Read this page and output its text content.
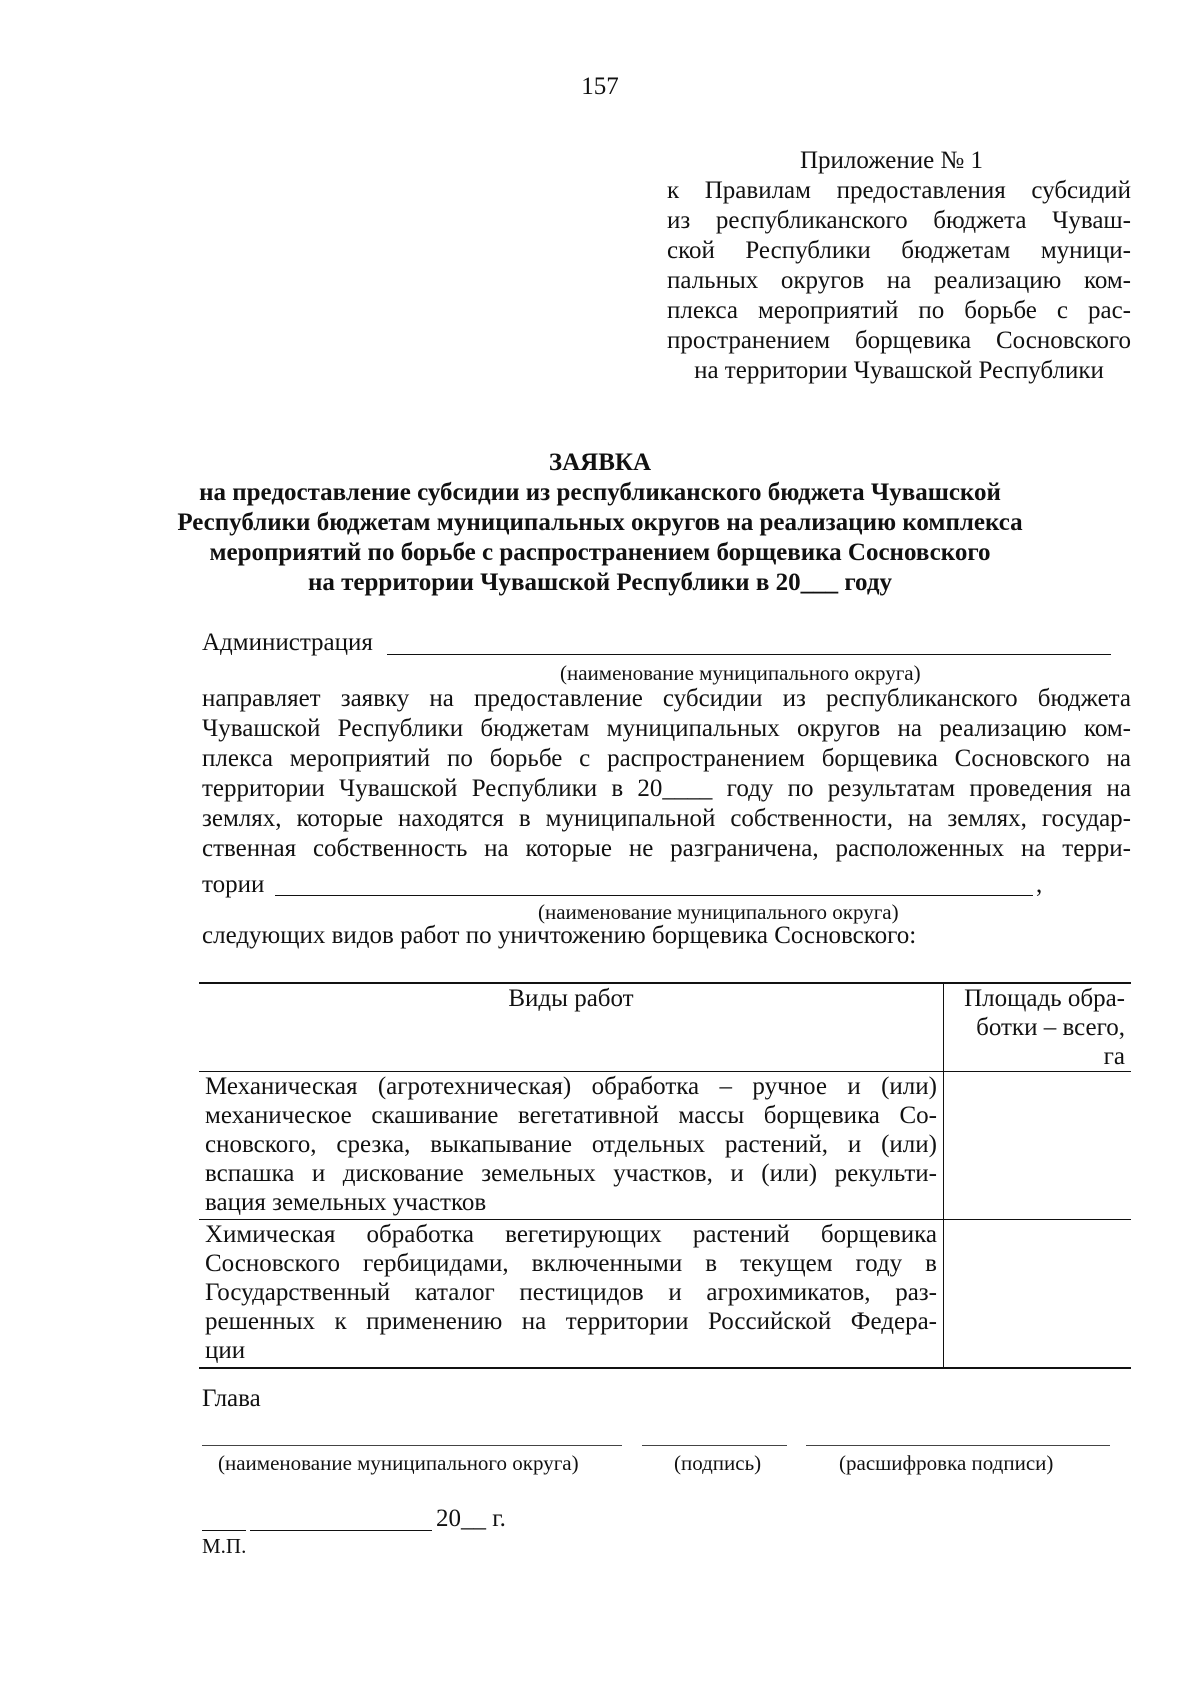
157
Приложение № 1
к Правилам предоставления субсидий
из республиканского бюджета Чуваш-
ской Республики бюджетам муници-
пальных округов на реализацию ком-
плекса мероприятий по борьбе с рас-
пространением борщевика Сосновского
на территории Чувашской Республики
ЗАЯВКА
на предоставление субсидии из республиканского бюджета Чувашской
Республики бюджетам муниципальных округов на реализацию комплекса
мероприятий по борьбе с распространением борщевика Сосновского
на территории Чувашской Республики в 20___ году
Администрация
(наименование муниципального округа)
направляет заявку на предоставление субсидии из республиканского бюджета
Чувашской Республики бюджетам муниципальных округов на реализацию ком-
плекса мероприятий по борьбе с распространением борщевика Сосновского на
территории Чувашской Республики в 20____ году по результатам проведения на
землях, которые находятся в муниципальной собственности, на землях, государ-
ственная собственность на которые не разграничена, расположенных на терри-
тории	,
(наименование муниципального округа)
следующих видов работ по уничтожению борщевика Сосновского:
Виды работ	Площадь обра-
ботки – всего, га

Механическая (агротехническая) обработка – ручное и (или)
механическое скашивание вегетативной массы борщевика Со-
сновского, срезка, выкапывание отдельных растений, и (или)
вспашка и дискование земельных участков, и (или) рекульти-
вация земельных участков	

Химическая обработка вегетирующих растений борщевика
Сосновского гербицидами, включенными в текущем году в
Государственный каталог пестицидов и агрохимикатов, раз-
решенных к применению на территории Российской Федера-
ции	

Глава
(наименование муниципального округа)	(подпись)	(расшифровка подписи)
20__ г.
М.П.
